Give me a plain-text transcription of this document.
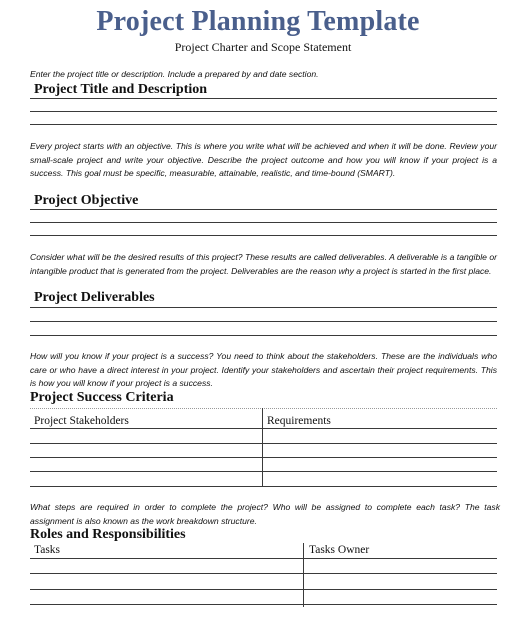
Project Planning Template
Project Charter and Scope Statement
Enter the project title or description. Include a prepared by and date section.
Project Title and Description
Every project starts with an objective. This is where you write what will be achieved and when it will be done. Review your small-scale project and write your objective. Describe the project outcome and how you will know if your project is a success. This goal must be specific, measurable, attainable, realistic, and time-bound (SMART).
Project Objective
Consider what will be the desired results of this project? These results are called deliverables. A deliverable is a tangible or intangible product that is generated from the project. Deliverables are the reason why a project is started in the first place.
Project Deliverables
How will you know if your project is a success? You need to think about the stakeholders. These are the individuals who care or who have a direct interest in your project. Identify your stakeholders and ascertain their project requirements. This is how you will know if your project is a success.
Project Success Criteria
Project Stakeholders	Requirements
What steps are required in order to complete the project? Who will be assigned to complete each task? The task assignment is also known as the work breakdown structure.
Roles and Responsibilities
Tasks	Tasks Owner
